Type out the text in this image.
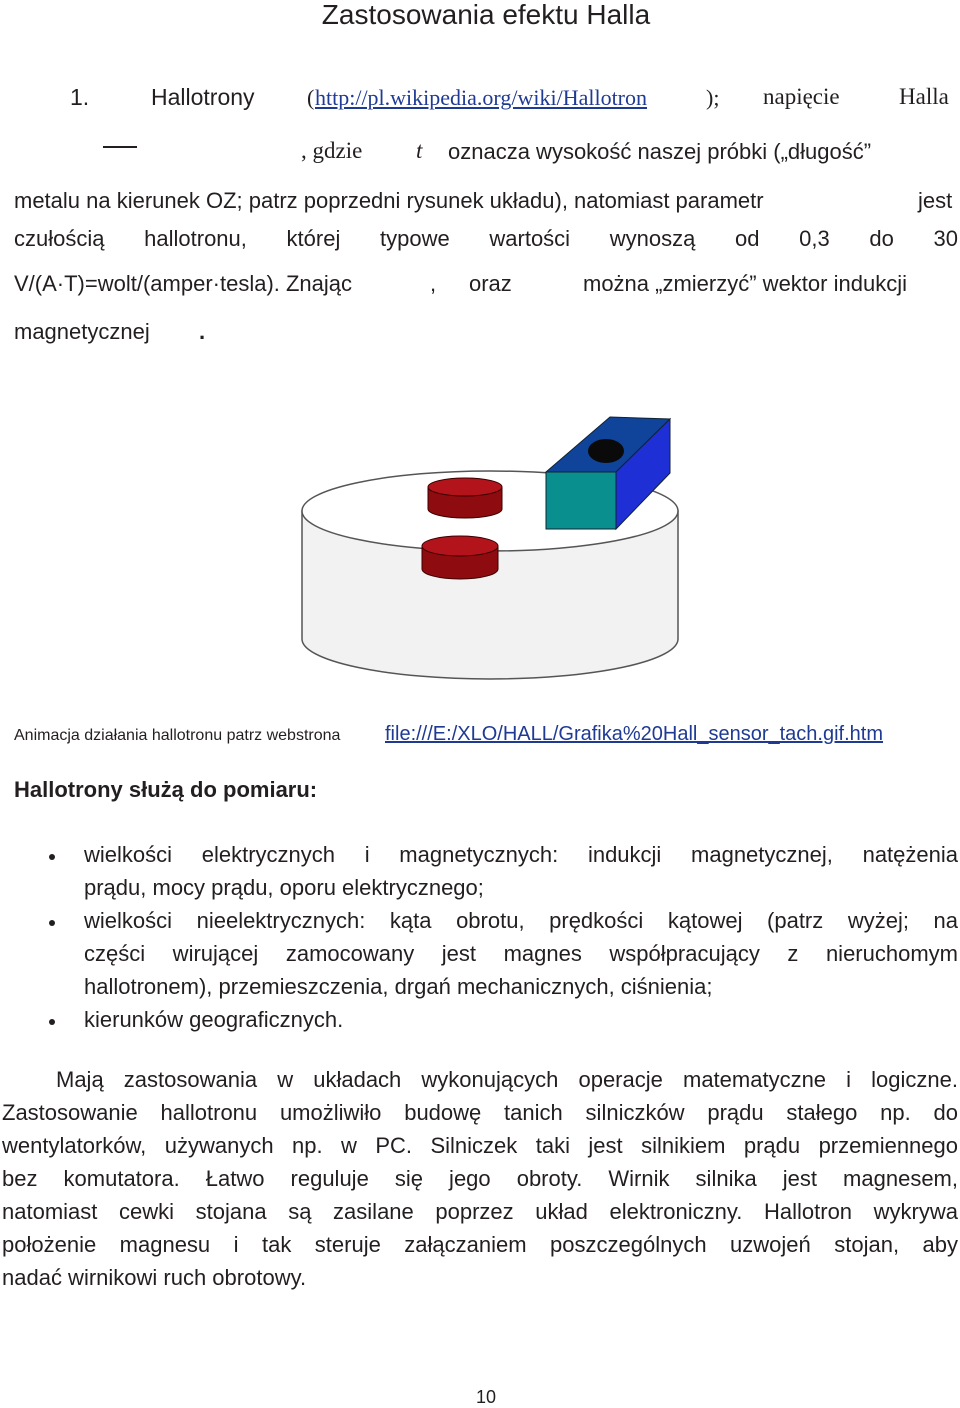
Zastosowania efektu Halla
1.	Hallotrony ( http://pl.wikipedia.org/wiki/Hallotron	); napięcie	Halla
, gdzie t oznacza wysokość naszej próbki („długość”
metalu na kierunek OZ; patrz poprzedni rysunek układu), natomiast parametr	jest
czułością hallotronu, której typowe wartości wynoszą od 0,3 do 30
V/(A·T)=wolt/(amper·tesla). Znając	, oraz	można „zmierzyć” wektor indukcji
magnetycznej .
Animacja działania hallotronu patrz webstrona file:///E:/XLO/HALL/Grafika%20Hall_sensor_tach.gif.htm
Hallotrony służą do pomiaru:
wielkości elektrycznych i magnetycznych: indukcji magnetycznej, natężenia
prądu, mocy prądu, oporu elektrycznego;
wielkości nieelektrycznych: kąta obrotu, prędkości kątowej (patrz wyżej; na
części wirującej zamocowany jest magnes współpracujący z nieruchomym
hallotronem), przemieszczenia, drgań mechanicznych, ciśnienia;
kierunków geograficznych.
Mają zastosowania w układach wykonujących operacje matematyczne i logiczne.
Zastosowanie hallotronu umożliwiło budowę tanich silniczków prądu stałego np. do
wentylatorków, używanych np. w PC. Silniczek taki jest silnikiem prądu przemiennego
bez komutatora. Łatwo reguluje się jego obroty. Wirnik silnika jest magnesem,
natomiast cewki stojana są zasilane poprzez układ elektroniczny. Hallotron wykrywa
położenie magnesu i tak steruje załączaniem poszczególnych uzwojeń stojan, aby
nadać wirnikowi ruch obrotowy.
10
